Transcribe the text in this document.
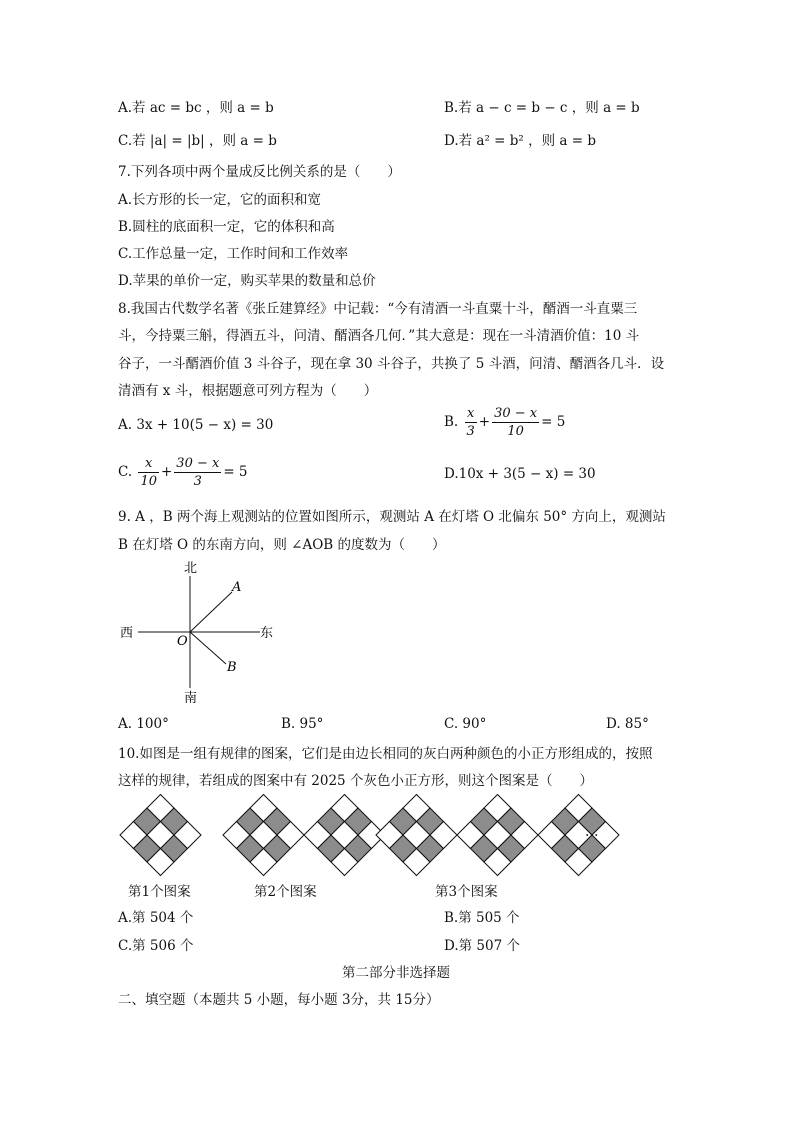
A.若 ac = bc ，则 a = b	B.若 a − c = b − c ，则 a = b
C.若 |a| = |b| ，则 a = b	D.若 a² = b² ，则 a = b
7.下列各项中两个量成反比例关系的是（　　）
A.长方形的长一定，它的面积和宽
B.圆柱的底面积一定，它的体积和高
C.工作总量一定，工作时间和工作效率
D.苹果的单价一定，购买苹果的数量和总价
8.我国古代数学名著《张丘建算经》中记载：“今有清酒一斗直粟十斗，醑酒一斗直粟三
斗，今持粟三斛，得酒五斗，问清、醑酒各几何．”其大意是：现在一斗清酒价值：10 斗
谷子，一斗醑酒价值 3 斗谷子，现在拿 30 斗谷子，共换了 5 斗酒，问清、醑酒各几斗．设
清酒有 x 斗，根据题意可列方程为（　　）
A. 3x + 10(5 − x) = 30	B. $\frac{x}{3} + \frac{30 - x}{10} = 5$
C. $\frac{x}{10} + \frac{30 - x}{3} = 5$	D.10x + 3(5 − x) = 30
9. A ，B 两个海上观测站的位置如图所示，观测站 A 在灯塔 O 北偏东 50° 方向上，观测站
B 在灯塔 O 的东南方向，则 ∠AOB 的度数为（　　）
北
南
西	东
O
A
B
A. 100°	B. 95°	C. 90°	D. 85°
10.如图是一组有规律的图案，它们是由边长相同的灰白两种颜色的小正方形组成的，按照
这样的规律，若组成的图案中有 2025 个灰色小正方形，则这个图案是（　　）
…
第1个图案	第2个图案	第3个图案
A.第 504 个	B.第 505 个
C.第 506 个	D.第 507 个
第二部分非选择题
二、填空题（本题共 5 小题，每小题 3分，共 15分）
